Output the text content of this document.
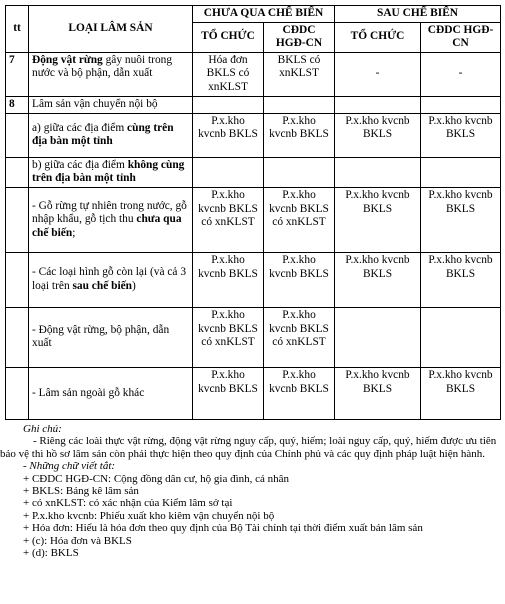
tt	LOẠI LÂM SẢN	CHƯA QUA CHẾ BIẾN		SAU CHẾ BIẾN	
		TỔ CHỨC	CĐDC HGĐ-CN	TỔ CHỨC	CĐDC HGĐ-CN
7	Động vật rừng gây nuôi trong nước và bộ phận, dẫn xuất	Hóa đơn BKLS có xnKLST	BKLS có xnKLST	-	-
8	Lâm sản vận chuyển nội bộ				
	a) giữa các địa điểm cùng trên địa bàn một tỉnh	P.x.kho kvcnb BKLS	P.x.kho kvcnb BKLS	P.x.kho kvcnb BKLS	P.x.kho kvcnb BKLS
	b) giữa các địa điểm không cùng trên địa bàn một tỉnh				
	- Gỗ rừng tự nhiên trong nước, gỗ nhập khẩu, gỗ tịch thu chưa qua chế biến;	P.x.kho kvcnb BKLS có xnKLST	P.x.kho kvcnb BKLS có xnKLST	P.x.kho kvcnb BKLS	P.x.kho kvcnb BKLS
	- Các loại hình gỗ còn lại (và cả 3 loại trên sau chế biến)	P.x.kho kvcnb BKLS	P.x.kho kvcnb BKLS	P.x.kho kvcnb BKLS	P.x.kho kvcnb BKLS
	- Động vật rừng, bộ phận, dẫn xuất	P.x.kho kvcnb BKLS có xnKLST	P.x.kho kvcnb BKLS có xnKLST		
	- Lâm sản ngoài gỗ khác	P.x.kho kvcnb BKLS	P.x.kho kvcnb BKLS	P.x.kho kvcnb BKLS	P.x.kho kvcnb BKLS
Ghi chú:
- Riêng các loài thực vật rừng, động vật rừng nguy cấp, quý, hiếm; loài nguy cấp, quý, hiếm được ưu tiên bảo vệ thì hồ sơ lâm sản còn phải thực hiện theo quy định của Chính phủ và các quy định pháp luật hiện hành.
- Những chữ viết tắt:
+ CĐDC HGĐ-CN: Cộng đồng dân cư, hộ gia đình, cá nhân
+ BKLS: Bảng kê lâm sản
+ có xnKLST: có xác nhận của Kiểm lâm sở tại
+ P.x.kho kvcnb: Phiếu xuất kho kiêm vận chuyển nội bộ
+ Hóa đơn: Hiểu là hóa đơn theo quy định của Bộ Tài chính tại thời điểm xuất bán lâm sản
+ (c): Hóa đơn và BKLS
+ (d): BKLS
